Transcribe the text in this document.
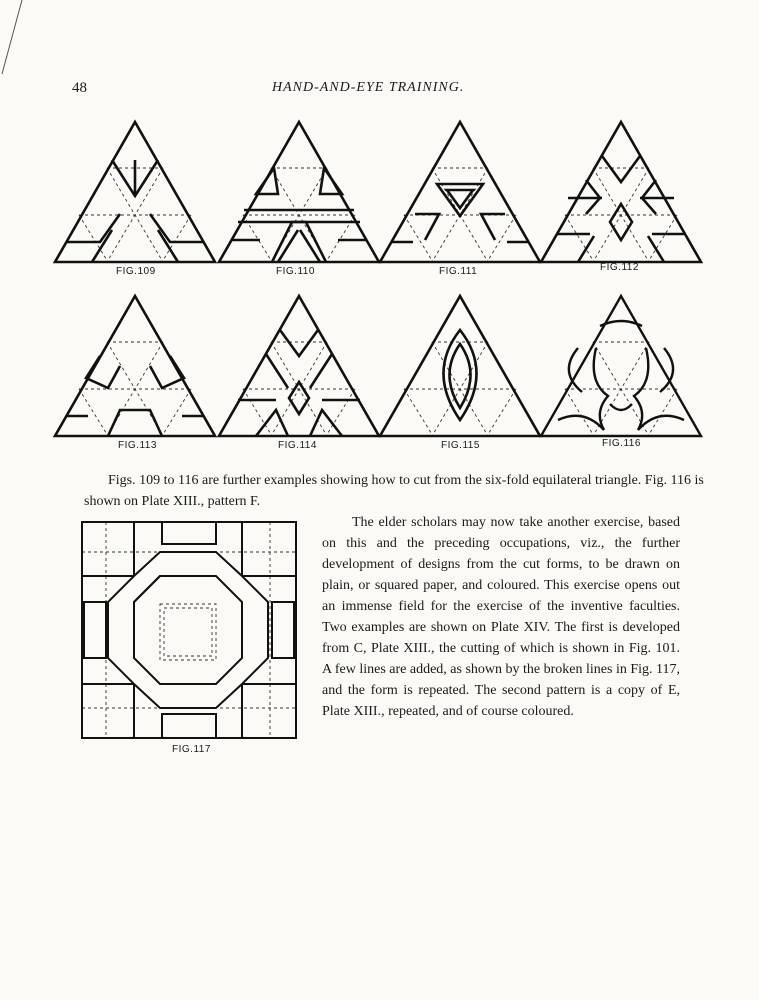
48	HAND-AND-EYE TRAINING.
FIG.109	FIG.110	FIG.111	FIG.112
FIG.113	FIG.114	FIG.115	FIG.116
Figs. 109 to 116 are further examples showing how to cut from the six-fold equilateral triangle. Fig. 116 is shown on Plate XIII., pattern F.
FIG.117

The elder scholars may now take another exercise, based on this and the preceding occupations, viz., the further development of designs from the cut forms, to be drawn on plain, or squared paper, and coloured. This exercise opens out an immense field for the exercise of the inventive faculties. Two examples are shown on Plate XIV. The first is developed from C, Plate XIII., the cutting of which is shown in Fig. 101. A few lines are added, as shown by the broken lines in Fig. 117, and the form is repeated. The second pattern is a copy of E, Plate XIII., repeated, and of course coloured.
